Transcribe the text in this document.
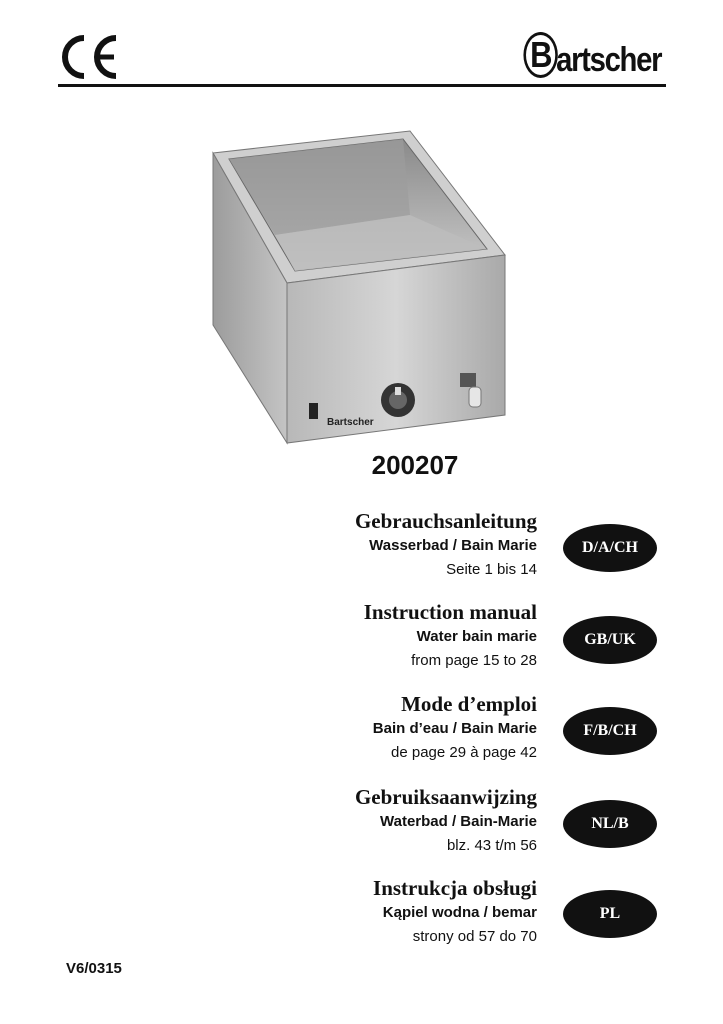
B artscher
Bartscher
200207
Gebrauchsanleitung
Wasserbad / Bain Marie
Seite 1 bis 14
D/A/CH
Instruction manual
Water bain marie
from page 15 to 28
GB/UK
Mode d’emploi
Bain d’eau / Bain Marie
de page 29 à page 42
F/B/CH
Gebruiksaanwijzing
Waterbad / Bain-Marie
blz. 43 t/m 56
NL/B
Instrukcja obsługi
Kąpiel wodna / bemar
strony od 57 do 70
PL
V6/0315
